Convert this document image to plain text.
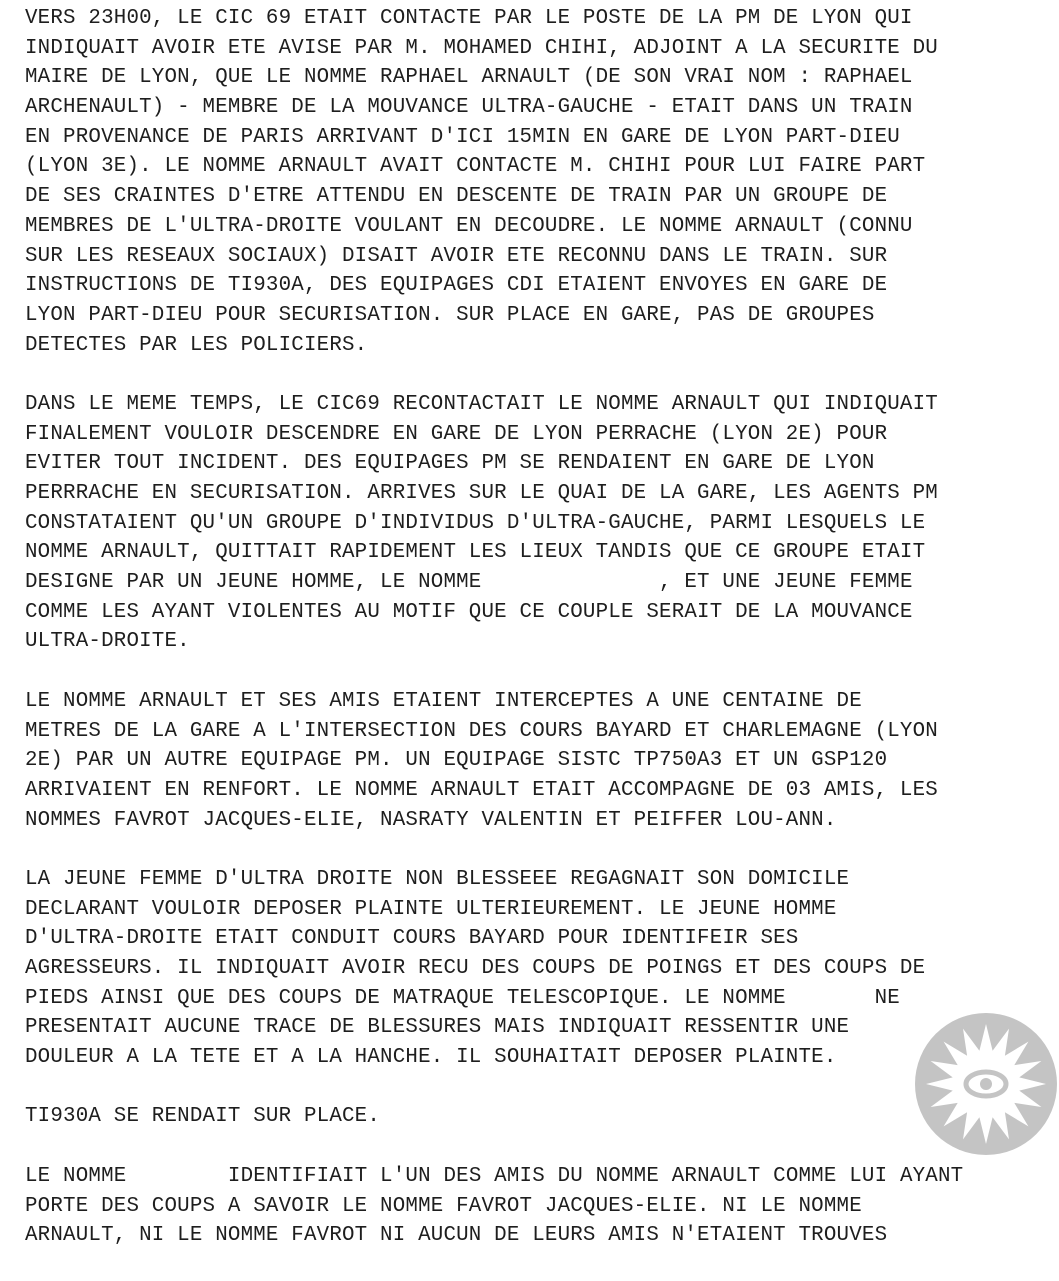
VERS 23H00, LE CIC 69 ETAIT CONTACTE PAR LE POSTE DE LA PM DE LYON QUI
INDIQUAIT AVOIR ETE AVISE PAR M. MOHAMED CHIHI, ADJOINT A LA SECURITE DU
MAIRE DE LYON, QUE LE NOMME RAPHAEL ARNAULT (DE SON VRAI NOM : RAPHAEL
ARCHENAULT) - MEMBRE DE LA MOUVANCE ULTRA-GAUCHE - ETAIT DANS UN TRAIN
EN PROVENANCE DE PARIS ARRIVANT D'ICI 15MIN EN GARE DE LYON PART-DIEU
(LYON 3E). LE NOMME ARNAULT AVAIT CONTACTE M. CHIHI POUR LUI FAIRE PART
DE SES CRAINTES D'ETRE ATTENDU EN DESCENTE DE TRAIN PAR UN GROUPE DE
MEMBRES DE L'ULTRA-DROITE VOULANT EN DECOUDRE. LE NOMME ARNAULT (CONNU
SUR LES RESEAUX SOCIAUX) DISAIT AVOIR ETE RECONNU DANS LE TRAIN. SUR
INSTRUCTIONS DE TI930A, DES EQUIPAGES CDI ETAIENT ENVOYES EN GARE DE
LYON PART-DIEU POUR SECURISATION. SUR PLACE EN GARE, PAS DE GROUPES
DETECTES PAR LES POLICIERS.
DANS LE MEME TEMPS, LE CIC69 RECONTACTAIT LE NOMME ARNAULT QUI INDIQUAIT
FINALEMENT VOULOIR DESCENDRE EN GARE DE LYON PERRACHE (LYON 2E) POUR
EVITER TOUT INCIDENT. DES EQUIPAGES PM SE RENDAIENT EN GARE DE LYON
PERRRACHE EN SECURISATION. ARRIVES SUR LE QUAI DE LA GARE, LES AGENTS PM
CONSTATAIENT QU'UN GROUPE D'INDIVIDUS D'ULTRA-GAUCHE, PARMI LESQUELS LE
NOMME ARNAULT, QUITTAIT RAPIDEMENT LES LIEUX TANDIS QUE CE GROUPE ETAIT
DESIGNE PAR UN JEUNE HOMME, LE NOMME	, ET UNE JEUNE FEMME
COMME LES AYANT VIOLENTES AU MOTIF QUE CE COUPLE SERAIT DE LA MOUVANCE
ULTRA-DROITE.
LE NOMME ARNAULT ET SES AMIS ETAIENT INTERCEPTES A UNE CENTAINE DE
METRES DE LA GARE A L'INTERSECTION DES COURS BAYARD ET CHARLEMAGNE (LYON
2E) PAR UN AUTRE EQUIPAGE PM. UN EQUIPAGE SISTC TP750A3 ET UN GSP120
ARRIVAIENT EN RENFORT. LE NOMME ARNAULT ETAIT ACCOMPAGNE DE 03 AMIS, LES
NOMMES FAVROT JACQUES-ELIE, NASRATY VALENTIN ET PEIFFER LOU-ANN.
LA JEUNE FEMME D'ULTRA DROITE NON BLESSEEE REGAGNAIT SON DOMICILE
DECLARANT VOULOIR DEPOSER PLAINTE ULTERIEUREMENT. LE JEUNE HOMME
D'ULTRA-DROITE ETAIT CONDUIT COURS BAYARD POUR IDENTIFEIR SES
AGRESSEURS. IL INDIQUAIT AVOIR RECU DES COUPS DE POINGS ET DES COUPS DE
PIEDS AINSI QUE DES COUPS DE MATRAQUE TELESCOPIQUE. LE NOMME	NE
PRESENTAIT AUCUNE TRACE DE BLESSURES MAIS INDIQUAIT RESSENTIR UNE
DOULEUR A LA TETE ET A LA HANCHE. IL SOUHAITAIT DEPOSER PLAINTE.
TI930A SE RENDAIT SUR PLACE.
LE NOMME	IDENTIFIAIT L'UN DES AMIS DU NOMME ARNAULT COMME LUI AYANT
PORTE DES COUPS A SAVOIR LE NOMME FAVROT JACQUES-ELIE. NI LE NOMME
ARNAULT, NI LE NOMME FAVROT NI AUCUN DE LEURS AMIS N'ETAIENT TROUVES
